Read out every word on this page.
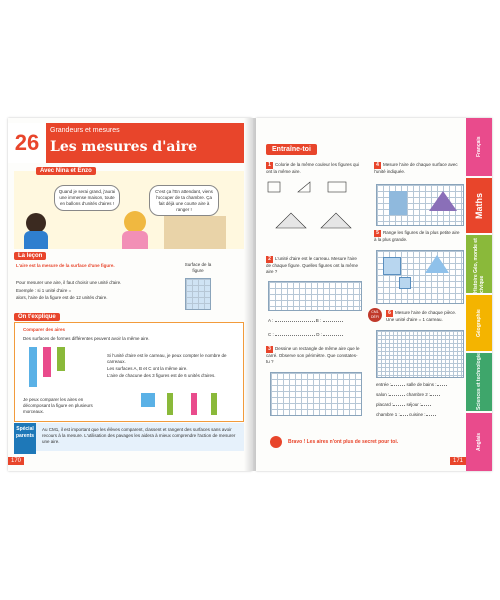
26	Grandeurs et mesures
Les mesures d'aire
Quand je serai grand, j'aurai une immense maison, toute en ballons d'unités d'aires !
C'est ça l'En attendant, viens l'occuper de ta chambre. Ça fait déjà une courte aire à ranger !
Avec Nina et Enzo
La leçon
L'aire est la mesure de la surface d'une figure.
Pour mesurer une aire, il faut choisir une unité d'aire.
Exemple : si 1 unité d'aire =
alors, l'aire de la figure est de 12 unités d'aire.
Surface de la figure
On t'explique
Comparer des aires
Des surfaces de formes différentes peuvent avoir la même aire.
Si l'unité d'aire est le carreau, je peux compter le nombre de carreaux.
Les surfaces A, B et C ont la même aire.
L'aire de chacune des 3 figures est de 6 unités d'aires.
Je peux comparer les aires en décomposant la figure en plusieurs morceaux.
Au CM1, il est important que les élèves comparent, classent et rangent des surfaces sans avoir recours à la mesure. L'utilisation des pavages les aidera à mieux comprendre l'action de mesurer une aire.
Spécial parents
170
Entraîne-toi
1 Colorie de la même couleur les figures qui ont la même aire.
2 L'unité d'aire est le carreau. Mesure l'aire de chaque figure. Quelles figures ont la même aire ?
A :	B :

C :	D :
3 Dessine un rectangle de même aire que le carré. Observe son périmètre. Que constates-tu ?
4 Mesure l'aire de chaque surface avec l'unité indiquée.
5 Range les figures de la plus petite aire à la plus grande.
CM1 DÉFI
6 Mesure l'aire de chaque pièce. Une unité d'aire = 1 carreau.
entrée :	salle de bains :
salon :	chambre 2 :
placard :	séjour :
chambre 1 : cuisine :
Bravo ! Les aires n'ont plus de secret pour toi.
171
Français
Maths
Histoire Géo, monde et civique
Géographie
Sciences et technologie
Anglais
